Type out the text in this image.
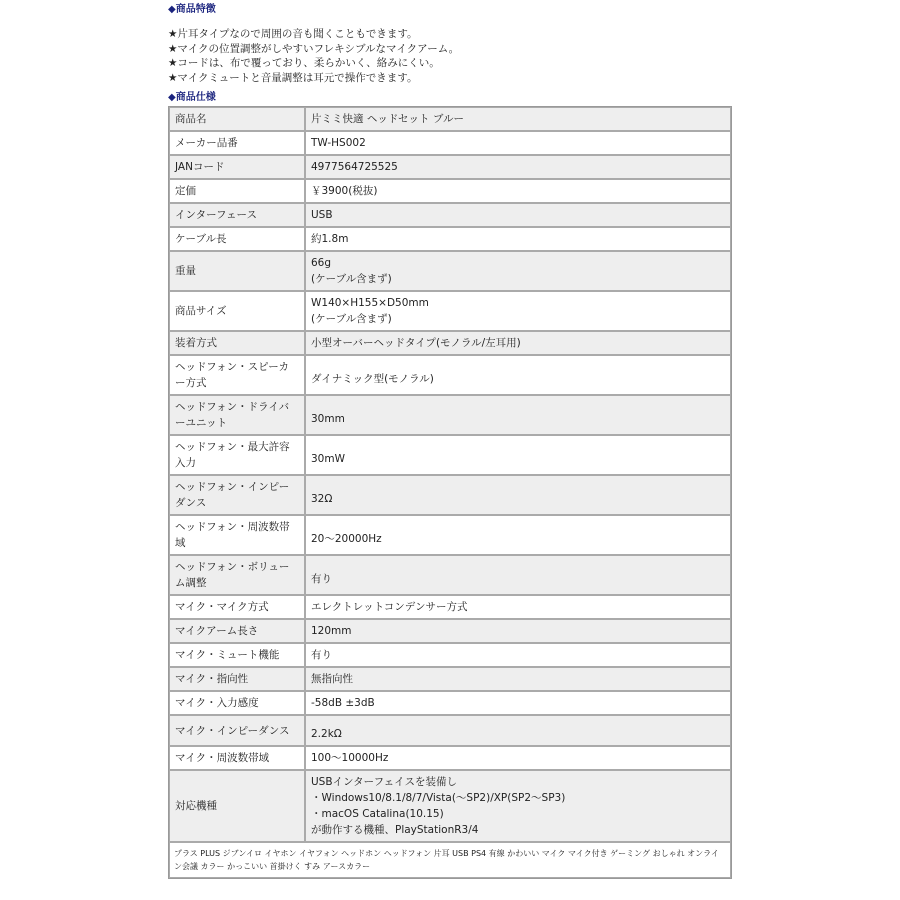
◆商品特徴
★片耳タイプなので周囲の音も聞くこともできます。
★マイクの位置調整がしやすいフレキシブルなマイクアーム。
★コードは、布で覆っており、柔らかいく、絡みにくい。
★マイクミュートと音量調整は耳元で操作できます。
◆商品仕様
商品名	片ミミ快適 ヘッドセット ブルー

メーカー品番	TW-HS002

JANコード	4977564725525

定価	￥3900(税抜)

インターフェース	USB

ケーブル長	約1.8m

重量	66g
(ケーブル含まず)

商品サイズ	W140×H155×D50mm
(ケーブル含まず)

装着方式	小型オーバーヘッドタイプ(モノラル/左耳用)

ヘッドフォン・スピーカー方式	ダイナミック型(モノラル)

ヘッドフォン・ドライバーユニット	30mm

ヘッドフォン・最大許容入力	30mW

ヘッドフォン・インピーダンス	32Ω

ヘッドフォン・周波数帯域	20～20000Hz

ヘッドフォン・ボリューム調整	有り

マイク・マイク方式	エレクトレットコンデンサー方式

マイクアーム長さ	120mm

マイク・ミュート機能	有り

マイク・指向性	無指向性

マイク・入力感度	-58dB ±3dB

マイク・インピーダンス	2.2kΩ

マイク・周波数帯域	100～10000Hz

対応機種	USBインターフェイスを装備し
・Windows10/8.1/8/7/Vista(～SP2)/XP(SP2～SP3)
・macOS Catalina(10.15)
が動作する機種、PlayStationR3/4

プラス PLUS ジブンイロ イヤホン イヤフォン ヘッドホン ヘッドフォン 片耳 USB PS4 有線 かわいい マイク マイク付き ゲーミング おしゃれ オンライン会議 カラー かっこいい 首掛けく すみ アースカラー	
